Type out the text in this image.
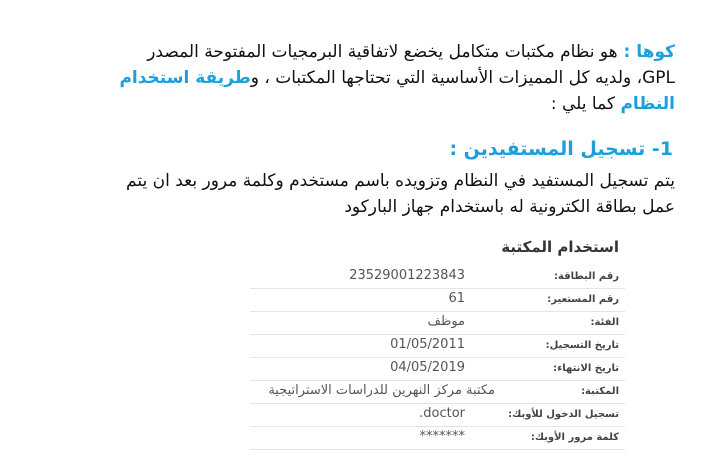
كوها : هو نظام مكتبات متكامل يخضع لاتفاقية البرمجيات المفتوحة المصدر GPL، ولديه كل المميزات الأساسية التي تحتاجها المكتبات ، وطريقة استخدام النظام كما يلي :
1- تسجيل المستفيدين :
يتم تسجيل المستفيد في النظام وتزويده باسم مستخدم وكلمة مرور بعد ان يتم عمل بطاقة الكترونية له باستخدام جهاز الباركود
استخدام المكتبة
رقم البطاقة:
23529001223843
رقم المستعير:
61
الفئة:
موظف
تاريخ التسجيل:
01/05/2011
تاريخ الانتهاء:
04/05/2019
المكتبة:
مكتبة مركز النهرين للدراسات الاستراتيجية
تسجيل الدخول للأوبك:
doctor.
كلمة مرور الأوبك:
*******
